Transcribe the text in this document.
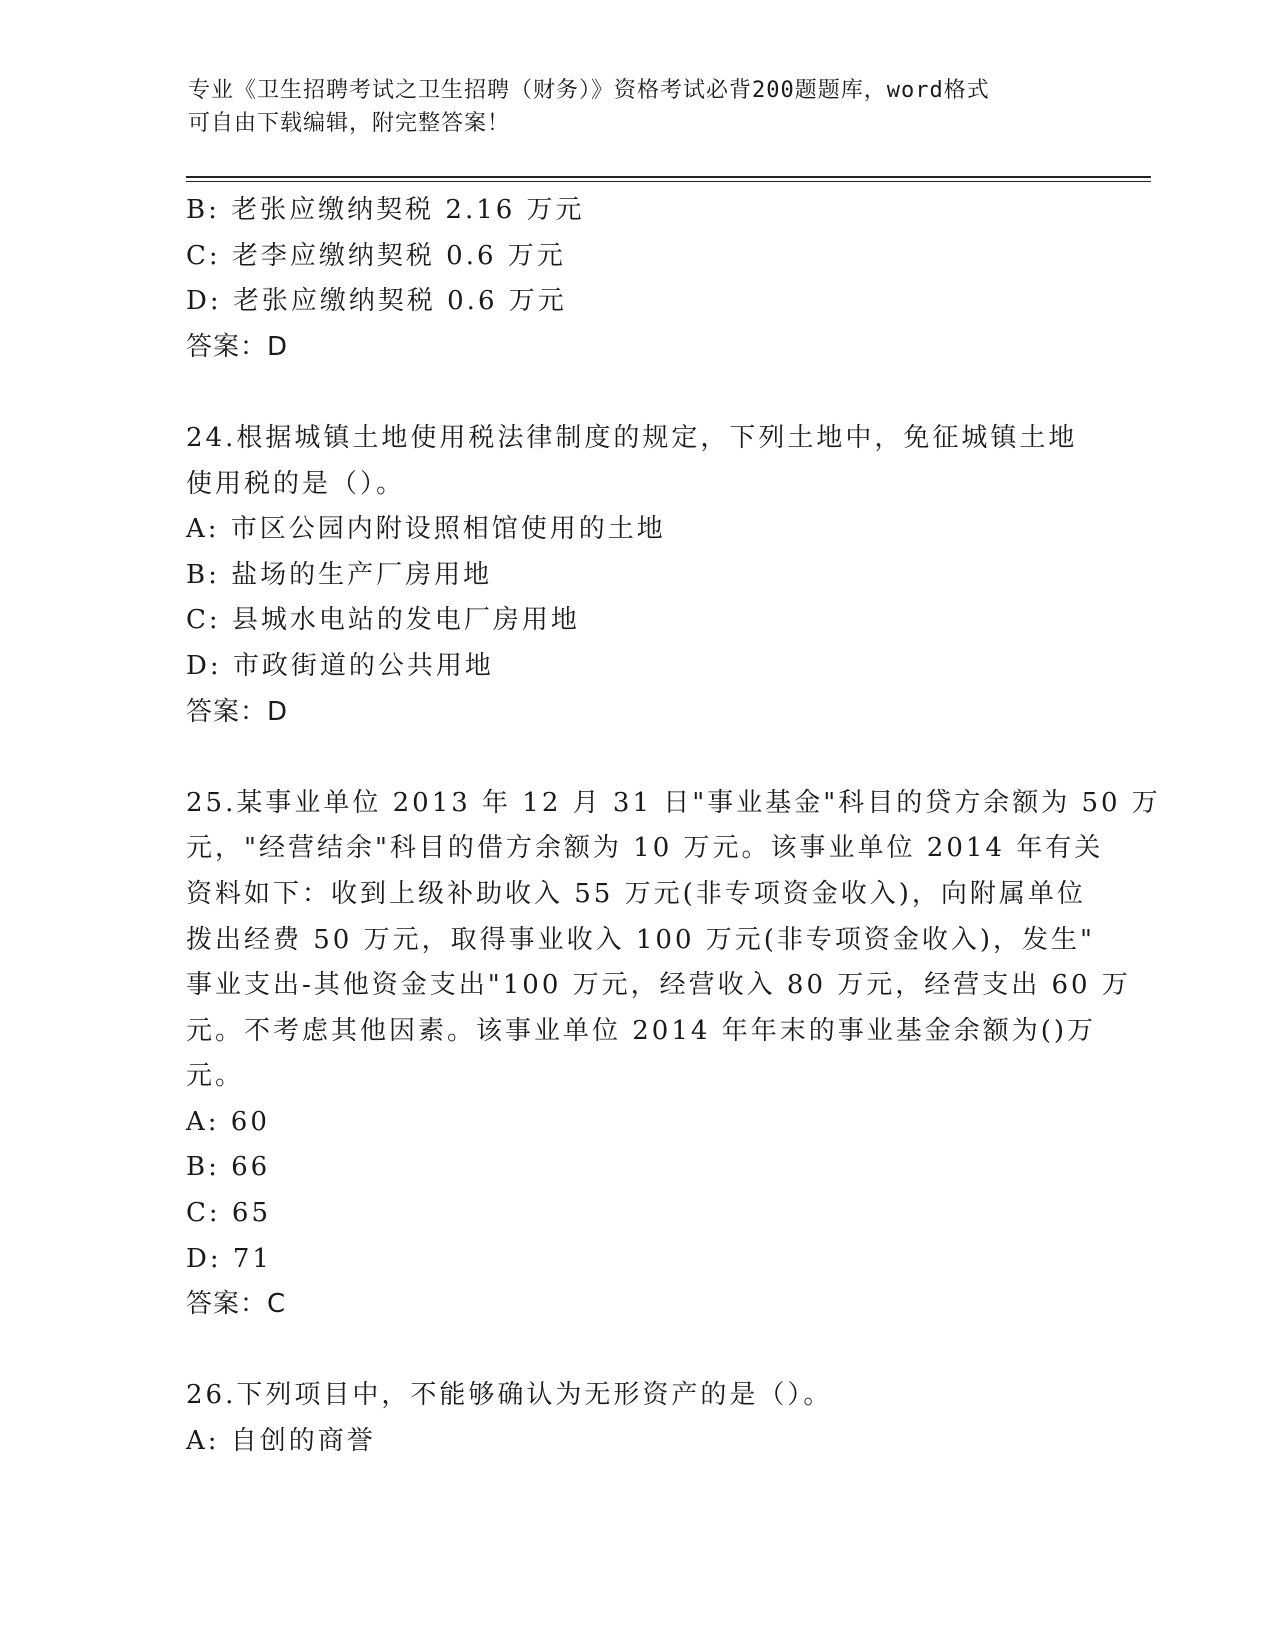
专业《卫生招聘考试之卫生招聘（财务）》资格考试必背200题题库，word格式
可自由下载编辑，附完整答案！
B: 老张应缴纳契税 2.16 万元
C: 老李应缴纳契税 0.6 万元
D: 老张应缴纳契税 0.6 万元
答案：D
24.根据城镇土地使用税法律制度的规定，下列土地中，免征城镇土地
使用税的是（）。
A: 市区公园内附设照相馆使用的土地
B: 盐场的生产厂房用地
C: 县城水电站的发电厂房用地
D: 市政街道的公共用地
答案：D
25.某事业单位 2013 年 12 月 31 日"事业基金"科目的贷方余额为 50 万
元，"经营结余"科目的借方余额为 10 万元。该事业单位 2014 年有关
资料如下：收到上级补助收入 55 万元(非专项资金收入)，向附属单位
拨出经费 50 万元，取得事业收入 100 万元(非专项资金收入)，发生"
事业支出-其他资金支出"100 万元，经营收入 80 万元，经营支出 60 万
元。不考虑其他因素。该事业单位 2014 年年末的事业基金余额为()万
元。
A: 60
B: 66
C: 65
D: 71
答案：C
26.下列项目中，不能够确认为无形资产的是（）。
A: 自创的商誉
